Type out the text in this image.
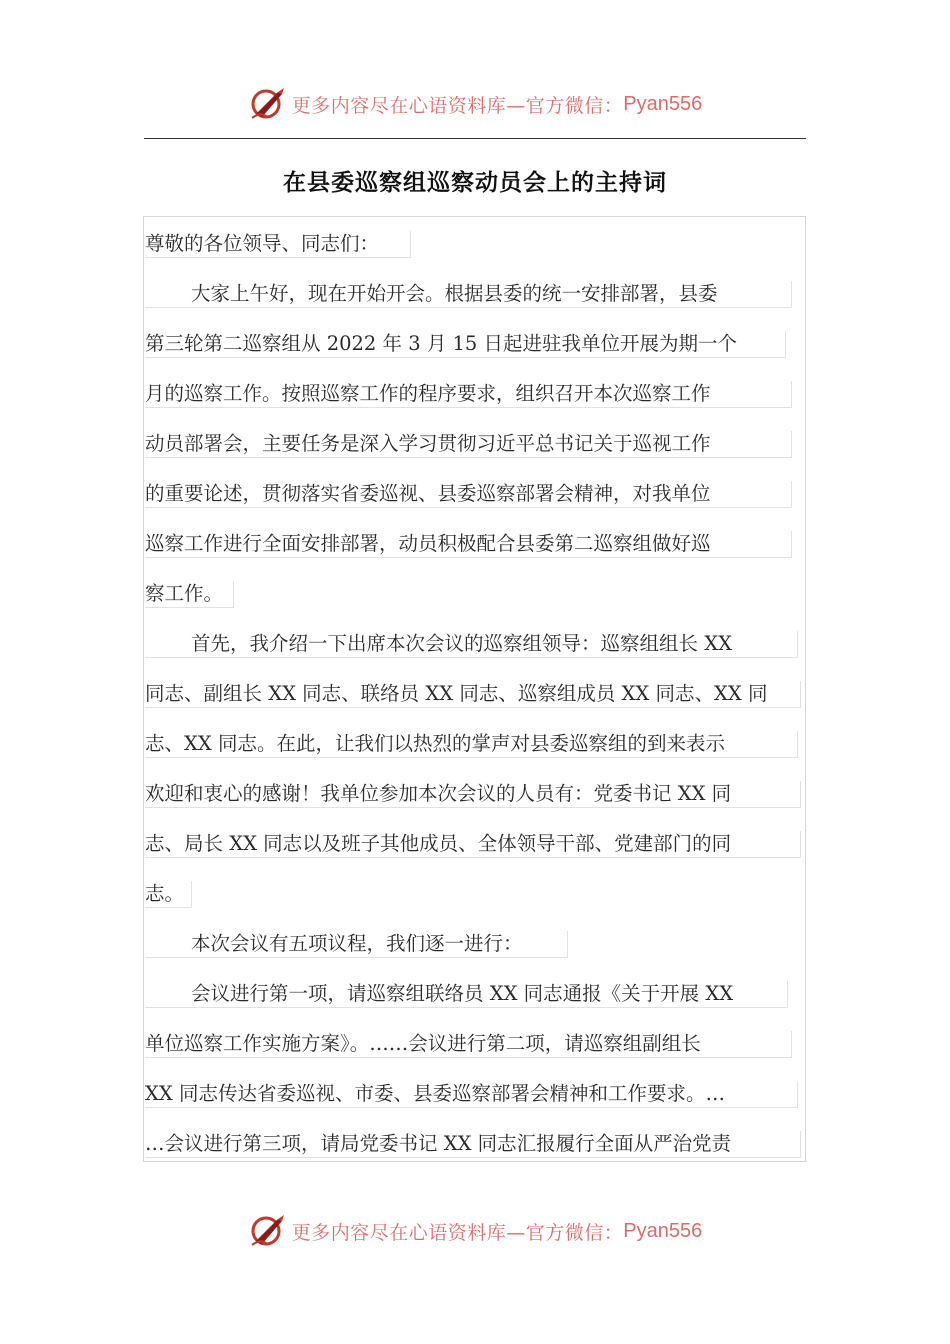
更多内容尽在心语资料库—官方微信： Pyan556
在县委巡察组巡察动员会上的主持词
尊敬的各位领导、同志们：
大家上午好，现在开始开会。根据县委的统一安排部署，县委
第三轮第二巡察组从 2022 年 3 月 15 日起进驻我单位开展为期一个
月的巡察工作。按照巡察工作的程序要求，组织召开本次巡察工作
动员部署会，主要任务是深入学习贯彻习近平总书记关于巡视工作
的重要论述，贯彻落实省委巡视、县委巡察部署会精神，对我单位
巡察工作进行全面安排部署，动员积极配合县委第二巡察组做好巡
察工作。
首先，我介绍一下出席本次会议的巡察组领导：巡察组组长 XX
同志、副组长 XX 同志、联络员 XX 同志、巡察组成员 XX 同志、XX 同
志、XX 同志。在此，让我们以热烈的掌声对县委巡察组的到来表示
欢迎和衷心的感谢！我单位参加本次会议的人员有：党委书记 XX 同
志、局长 XX 同志以及班子其他成员、全体领导干部、党建部门的同
志。
本次会议有五项议程，我们逐一进行：
会议进行第一项，请巡察组联络员 XX 同志通报《关于开展 XX
单位巡察工作实施方案》。……会议进行第二项，请巡察组副组长
XX 同志传达省委巡视、市委、县委巡察部署会精神和工作要求。…
…会议进行第三项，请局党委书记 XX 同志汇报履行全面从严治党责
更多内容尽在心语资料库—官方微信： Pyan556
